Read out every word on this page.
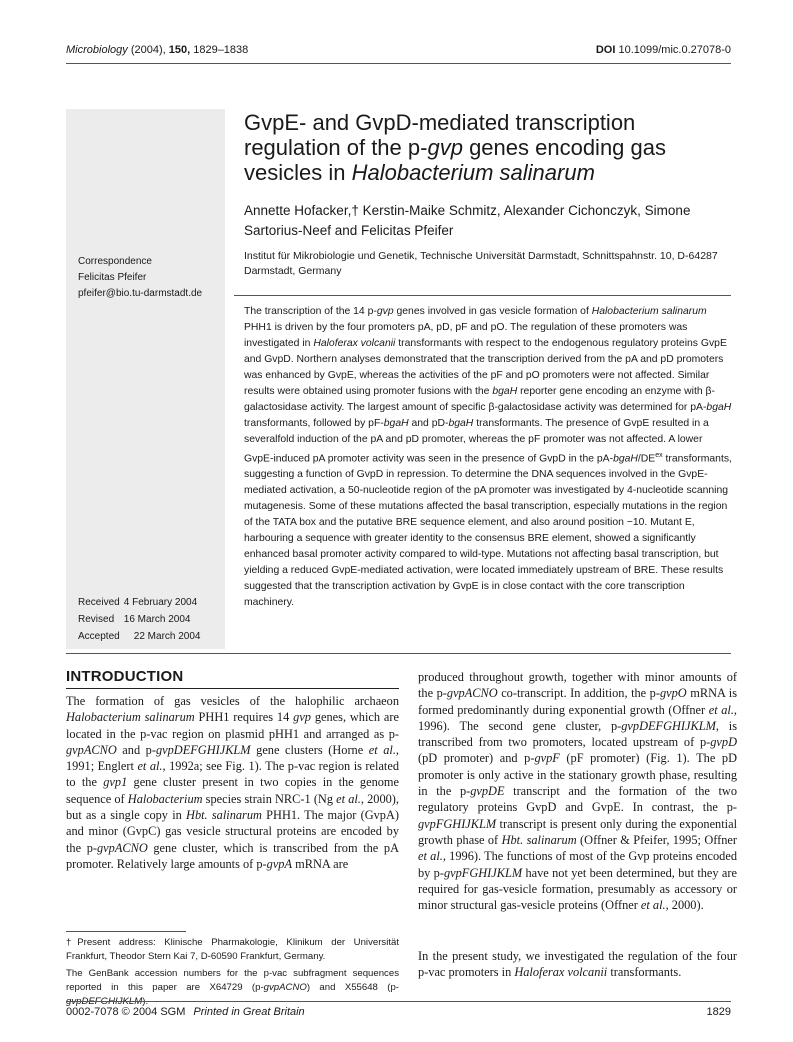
Microbiology (2004), 150, 1829–1838	DOI 10.1099/mic.0.27078-0
Correspondence
Felicitas Pfeifer
pfeifer@bio.tu-darmstadt.de
Received 4 February 2004
Revised 16 March 2004
Accepted 22 March 2004
GvpE- and GvpD-mediated transcription regulation of the p-gvp genes encoding gas vesicles in Halobacterium salinarum
Annette Hofacker,† Kerstin-Maike Schmitz, Alexander Cichonczyk, Simone Sartorius-Neef and Felicitas Pfeifer
Institut für Mikrobiologie und Genetik, Technische Universität Darmstadt, Schnittspahnstr. 10, D-64287 Darmstadt, Germany
The transcription of the 14 p-gvp genes involved in gas vesicle formation of Halobacterium salinarum PHH1 is driven by the four promoters pA, pD, pF and pO. The regulation of these promoters was investigated in Haloferax volcanii transformants with respect to the endogenous regulatory proteins GvpE and GvpD. Northern analyses demonstrated that the transcription derived from the pA and pD promoters was enhanced by GvpE, whereas the activities of the pF and pO promoters were not affected. Similar results were obtained using promoter fusions with the bgaH reporter gene encoding an enzyme with β-galactosidase activity. The largest amount of specific β-galactosidase activity was determined for pA-bgaH transformants, followed by pF-bgaH and pD-bgaH transformants. The presence of GvpE resulted in a severalfold induction of the pA and pD promoter, whereas the pF promoter was not affected. A lower GvpE-induced pA promoter activity was seen in the presence of GvpD in the $pA-bgaH/DE^{ex}$ transformants, suggesting a function of GvpD in repression. To determine the DNA sequences involved in the GvpE-mediated activation, a 50-nucleotide region of the pA promoter was investigated by 4-nucleotide scanning mutagenesis. Some of these mutations affected the basal transcription, especially mutations in the region of the TATA box and the putative BRE sequence element, and also around position −10. Mutant E, harbouring a sequence with greater identity to the consensus BRE element, showed a significantly enhanced basal promoter activity compared to wild-type. Mutations not affecting basal transcription, but yielding a reduced GvpE-mediated activation, were located immediately upstream of BRE. These results suggested that the transcription activation by GvpE is in close contact with the core transcription machinery.
INTRODUCTION

The formation of gas vesicles of the halophilic archaeon Halobacterium salinarum PHH1 requires 14 gvp genes, which are located in the p-vac region on plasmid pHH1 and arranged as p-gvpACNO and p-gvpDEFGHIJKLM gene clusters (Horne et al., 1991; Englert et al., 1992a; see Fig. 1). The p-vac region is related to the gvp1 gene cluster present in two copies in the genome sequence of Halobacterium species strain NRC-1 (Ng et al., 2000), but as a single copy in Hbt. salinarum PHH1. The major (GvpA) and minor (GvpC) gas vesicle structural proteins are encoded by the p-gvpACNO gene cluster, which is transcribed from the pA promoter. Relatively large amounts of p-gvpA mRNA are

†Present address: Klinische Pharmakologie, Klinikum der Universität Frankfurt, Theodor Stern Kai 7, D-60590 Frankfurt, Germany.
The GenBank accession numbers for the p-vac subfragment sequences reported in this paper are X64729 (p-gvpACNO) and X55648 (p-gvpDEFGHIJKLM).

produced throughout growth, together with minor amounts of the p-gvpACNO co-transcript. In addition, the p-gvpO mRNA is formed predominantly during exponential growth (Offner et al., 1996). The second gene cluster, p-gvpDEFGHIJKLM, is transcribed from two promoters, located upstream of p-gvpD (pD promoter) and p-gvpF (pF promoter) (Fig. 1). The pD promoter is only active in the stationary growth phase, resulting in the p-gvpDE transcript and the formation of the two regulatory proteins GvpD and GvpE. In contrast, the p-gvpFGHIJKLM transcript is present only during the exponential growth phase of Hbt. salinarum (Offner & Pfeifer, 1995; Offner et al., 1996). The functions of most of the Gvp proteins encoded by p-gvpFGHIJKLM have not yet been determined, but they are required for gas-vesicle formation, presumably as accessory or minor structural gas-vesicle proteins (Offner et al., 2000).

In the present study, we investigated the regulation of the four p-vac promoters in Haloferax volcanii transformants.

0002-7078 © 2004 SGM Printed in Great Britain	1829
